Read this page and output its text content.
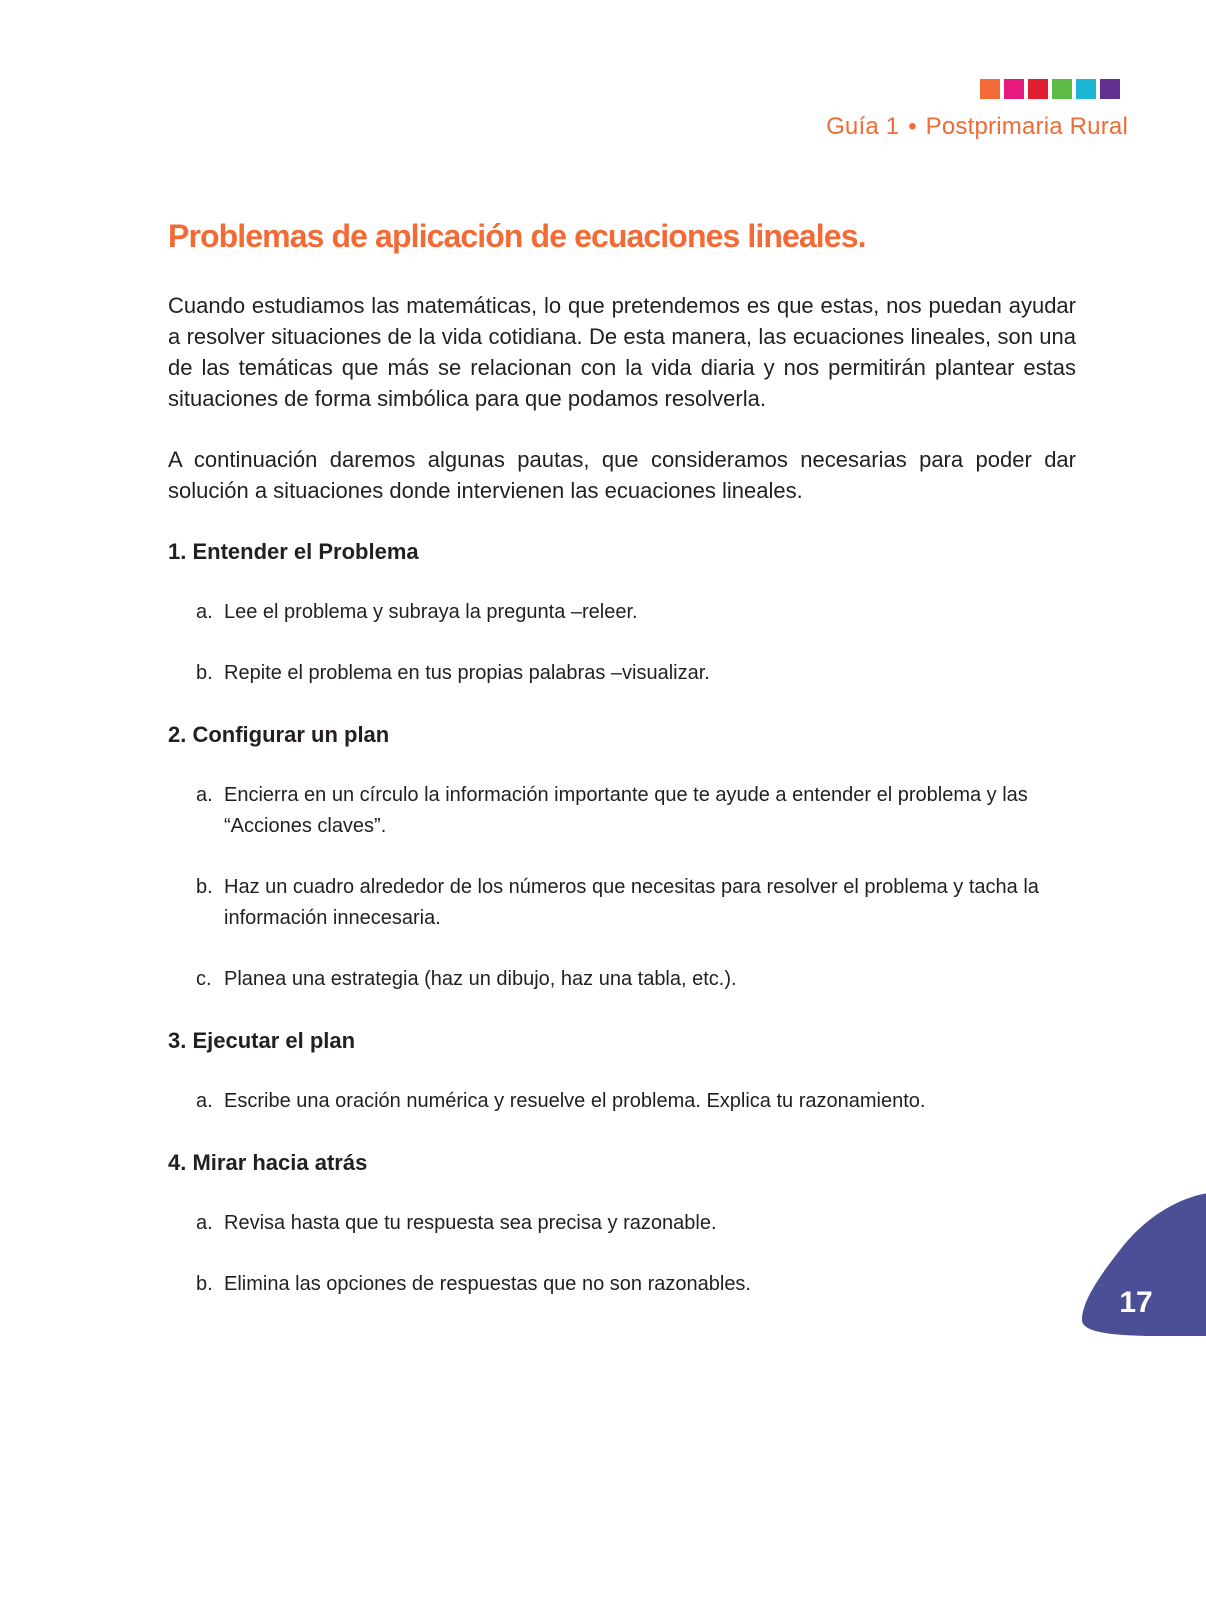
Guía 1 • Postprimaria Rural
Problemas de aplicación de ecuaciones lineales.

Cuando estudiamos las matemáticas, lo que pretendemos es que estas, nos puedan ayudar a resolver situaciones de la vida cotidiana. De esta manera, las ecuaciones lineales, son una de las temáticas que más se relacionan con la vida diaria y nos permitirán plantear estas situaciones de forma simbólica para que podamos resolverla.

A continuación daremos algunas pautas, que consideramos necesarias para poder dar solución a situaciones donde intervienen las ecuaciones lineales.

1. Entender el Problema
a. Lee el problema y subraya la pregunta –releer.
b. Repite el problema en tus propias palabras –visualizar.
2. Configurar un plan
a. Encierra en un círculo la información importante que te ayude a entender el problema y las “Acciones claves”.
b. Haz un cuadro alrededor de los números que necesitas para resolver el problema y tacha la información innecesaria.
c. Planea una estrategia (haz un dibujo, haz una tabla, etc.).
3. Ejecutar el plan
a. Escribe una oración numérica y resuelve el problema. Explica tu razonamiento.
4. Mirar hacia atrás
a. Revisa hasta que tu respuesta sea precisa y razonable.
b. Elimina las opciones de respuestas que no son razonables.
17
